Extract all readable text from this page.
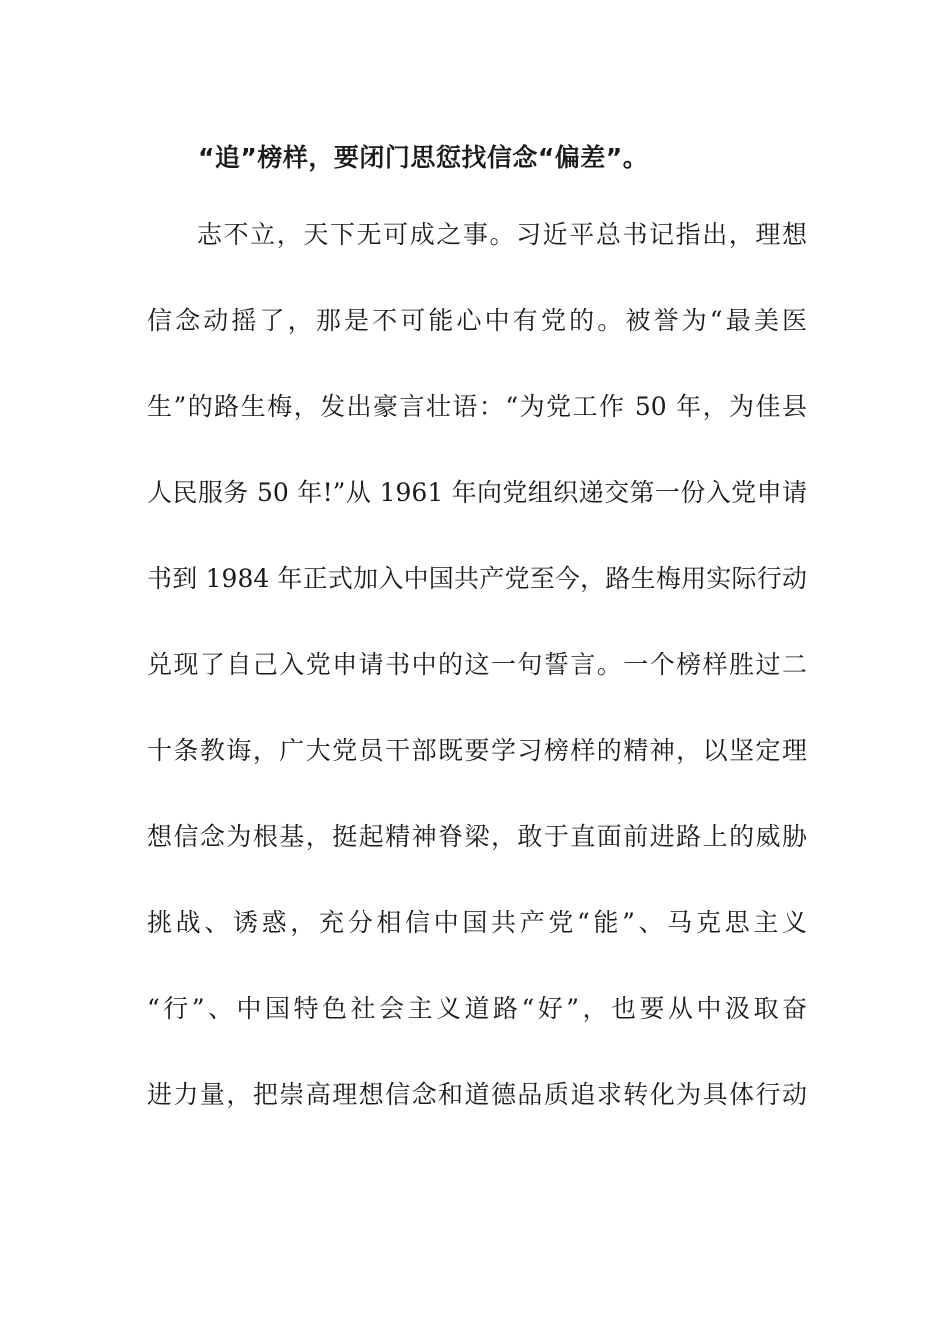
“追”榜样，要闭门思愆找信念“偏差”。
志不立，天下无可成之事。习近平总书记指出，理想
信念动摇了，那是不可能心中有党的。被誉为“最美医
生”的路生梅，发出豪言壮语：“为党工作 50 年，为佳县
人民服务 50 年!”从 1961 年向党组织递交第一份入党申请
书到 1984 年正式加入中国共产党至今，路生梅用实际行动
兑现了自己入党申请书中的这一句誓言。一个榜样胜过二
十条教诲，广大党员干部既要学习榜样的精神，以坚定理
想信念为根基，挺起精神脊梁，敢于直面前进路上的威胁
挑战、诱惑，充分相信中国共产党“能”、马克思主义
“行”、中国特色社会主义道路“好”，也要从中汲取奋
进力量，把崇高理想信念和道德品质追求转化为具体行动
